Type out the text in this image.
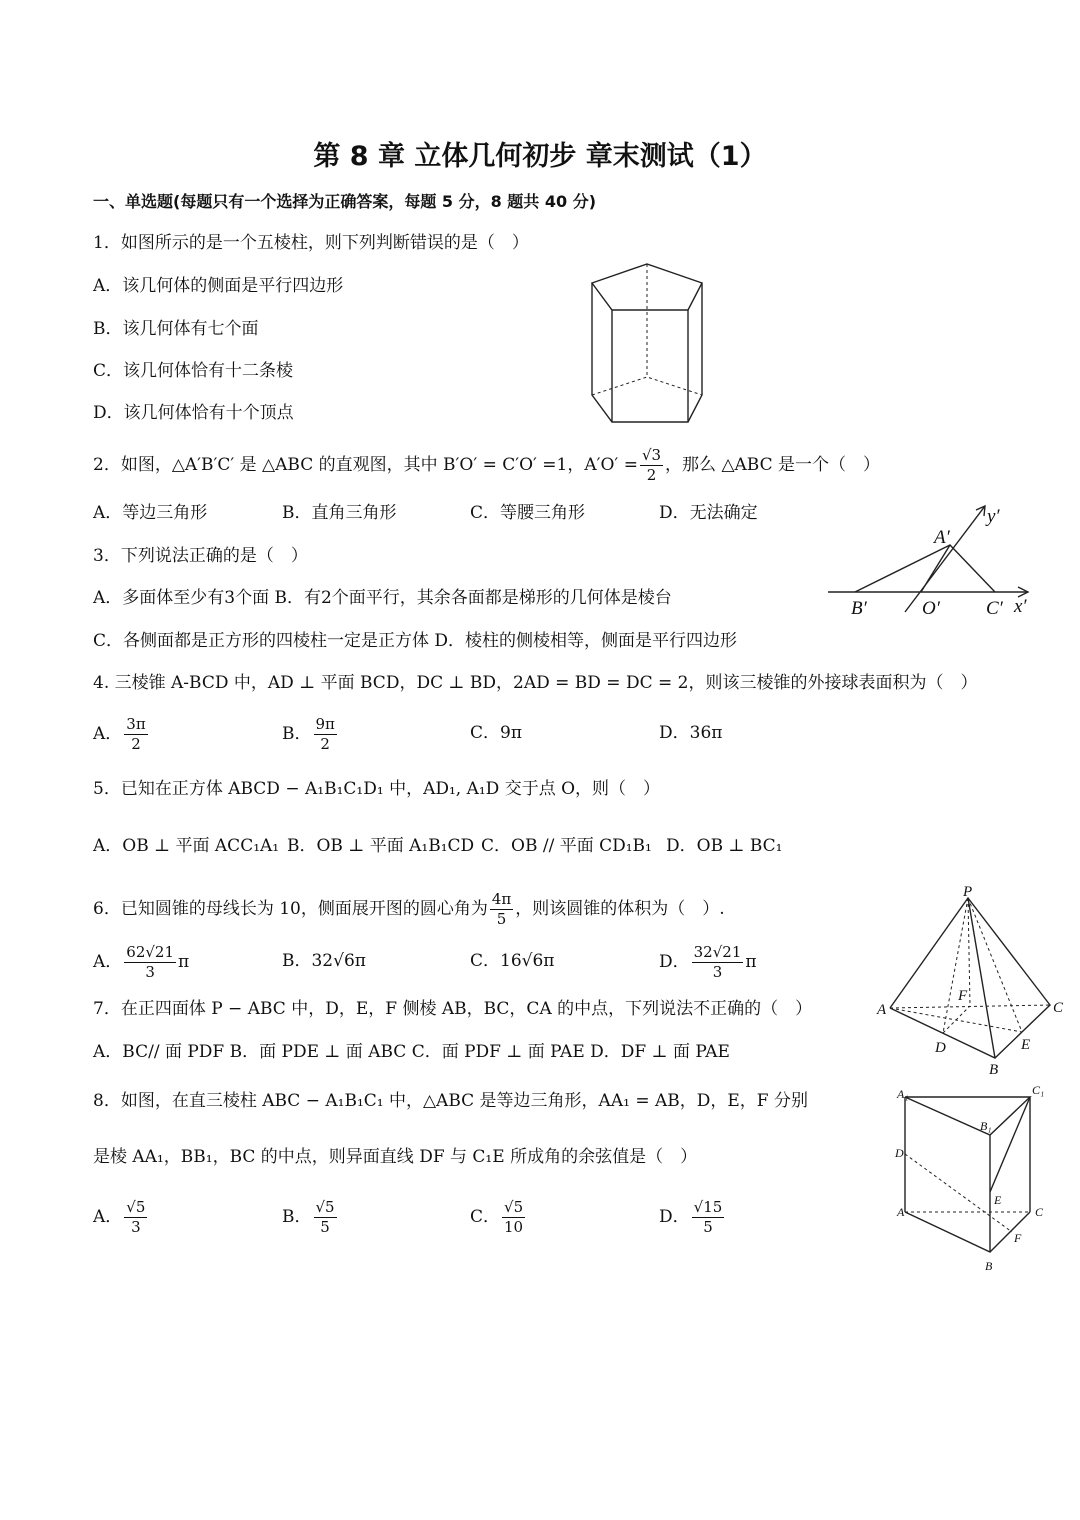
第 8 章 立体几何初步 章末测试（1）
一、单选题(每题只有一个选择为正确答案，每题 5 分，8 题共 40 分)
1．如图所示的是一个五棱柱，则下列判断错误的是（　）
A．该几何体的侧面是平行四边形
B．该几何体有七个面
C．该几何体恰有十二条棱
D．该几何体恰有十个顶点
2．如图，△A′B′C′ 是 △ABC 的直观图，其中 B′O′ = C′O′ =1，$A'O' = \frac{√3}{2}$ ，那么 △ABC 是一个（　）
A．等边三角形	B．直角三角形	C．等腰三角形	D．无法确定
3．下列说法正确的是（　）
A．多面体至少有3个面 B．有2个面平行，其余各面都是梯形的几何体是棱台
C．各侧面都是正方形的四棱柱一定是正方体 D．棱柱的侧棱相等，侧面是平行四边形
4. 三棱锥 A-BCD 中，AD ⊥ 平面 BCD，DC ⊥ BD，2AD = BD = DC = 2，则该三棱锥的外接球表面积为（　）
A． $\frac{3\pi}{2}$	B． $\frac{9\pi}{2}$	C．9π	D．36π
5．已知在正方体 ABCD − A₁B₁C₁D₁ 中，AD₁, A₁D 交于点 O，则（　）
A．OB ⊥ 平面 ACC₁A₁ B．OB ⊥ 平面 A₁B₁CD C．OB // 平面 CD₁B₁ D．OB ⊥ BC₁
6．已知圆锥的母线长为 10，侧面展开图的圆心角为 $\frac{4\pi}{5}$ ，则该圆锥的体积为（　）.
A． $\frac{62√21}{3}$ π	B．32√6π	C．16√6π	D． $\frac{32√21}{3}$ π
7．在正四面体 P − ABC 中，D，E，F 侧棱 AB，BC，CA 的中点，下列说法不正确的（　）
A．BC// 面 PDF B．面 PDE ⊥ 面 ABC C．面 PDF ⊥ 面 PAE D．DF ⊥ 面 PAE
8．如图，在直三棱柱 ABC − A₁B₁C₁ 中，△ABC 是等边三角形，AA₁ = AB，D，E，F 分别
是棱 AA₁，BB₁，BC 的中点，则异面直线 DF 与 C₁E 所成角的余弦值是（　）
A． $\frac{√5}{3}$	B． $\frac{√5}{5}$	C． $\frac{√5}{10}$	D． $\frac{√15}{5}$
A′
y′
B′	O′ C′ x′
P
A	C
B
D	E
F
A₁	C₁
B₁
D
E
A	C
F
B
